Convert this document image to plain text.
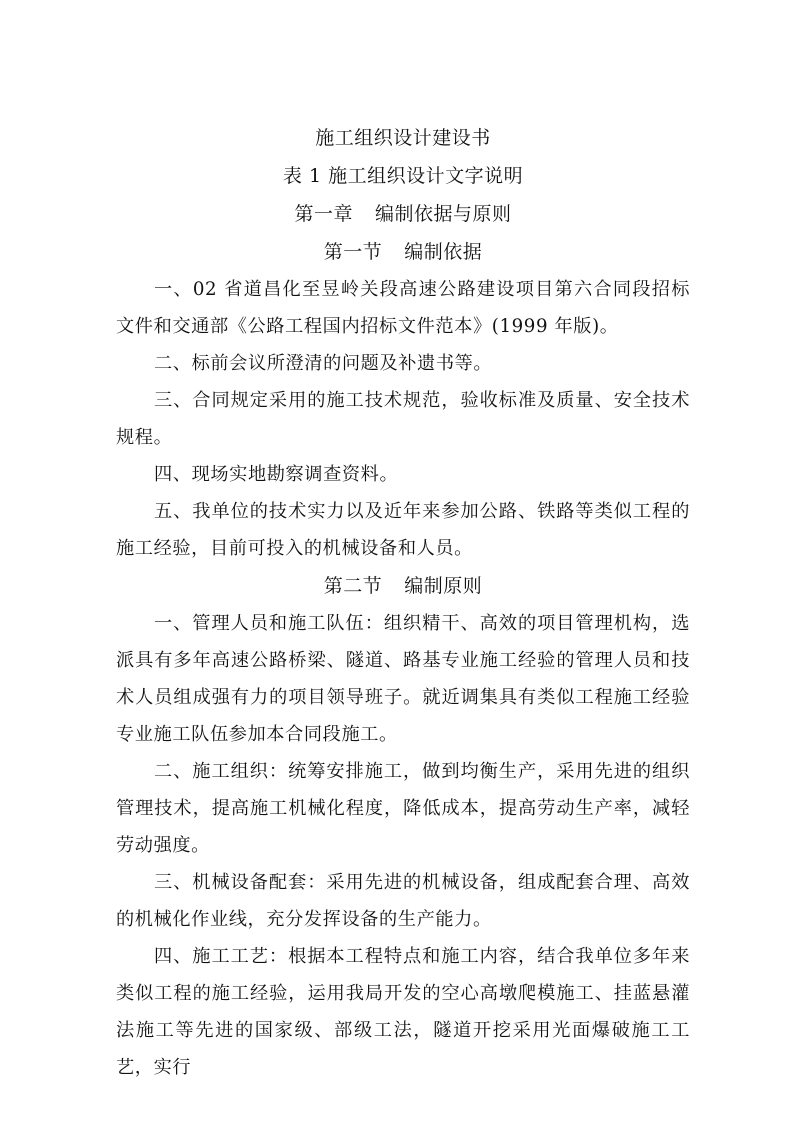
施工组织设计建设书
表 1 施工组织设计文字说明
第一章 编制依据与原则
第一节 编制依据

一、02 省道昌化至昱岭关段高速公路建设项目第六合同段招标文件和交通部《公路工程国内招标文件范本》(1999 年版)。

二、标前会议所澄清的问题及补遗书等。

三、合同规定采用的施工技术规范，验收标准及质量、安全技术规程。

四、现场实地勘察调查资料。

五、我单位的技术实力以及近年来参加公路、铁路等类似工程的施工经验，目前可投入的机械设备和人员。

第二节 编制原则

一、管理人员和施工队伍：组织精干、高效的项目管理机构，选派具有多年高速公路桥梁、隧道、路基专业施工经验的管理人员和技术人员组成强有力的项目领导班子。就近调集具有类似工程施工经验专业施工队伍参加本合同段施工。

二、施工组织：统筹安排施工，做到均衡生产，采用先进的组织管理技术，提高施工机械化程度，降低成本，提高劳动生产率，减轻劳动强度。

三、机械设备配套：采用先进的机械设备，组成配套合理、高效的机械化作业线，充分发挥设备的生产能力。

四、施工工艺：根据本工程特点和施工内容，结合我单位多年来类似工程的施工经验，运用我局开发的空心高墩爬模施工、挂蓝悬灌法施工等先进的国家级、部级工法，隧道开挖采用光面爆破施工工艺，实行
